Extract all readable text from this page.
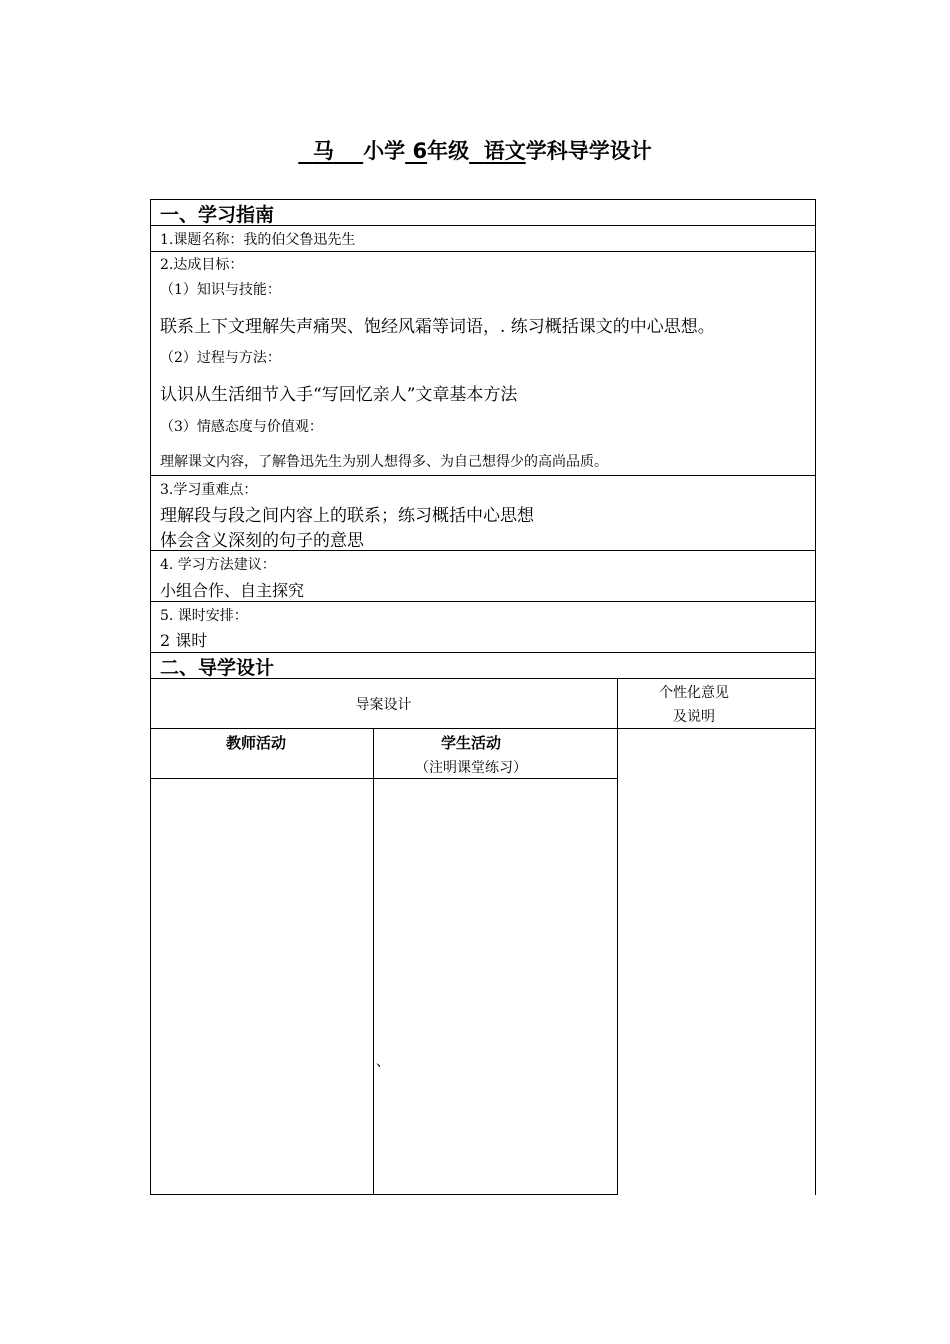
马 小学 6年级 语文学科导学设计
一、学习指南
1.课题名称：我的伯父鲁迅先生
2.达成目标：
（1）知识与技能：
联系上下文理解失声痛哭、饱经风霜等词语，. 练习概括课文的中心思想。
（2）过程与方法：
认识从生活细节入手“写回忆亲人”文章基本方法
（3）情感态度与价值观：
理解课文内容，了解鲁迅先生为别人想得多、为自己想得少的高尚品质。
3.学习重难点：
理解段与段之间内容上的联系；练习概括中心思想
体会含义深刻的句子的意思
4. 学习方法建议：
小组合作、自主探究
5. 课时安排：
2 课时
二、导学设计
导案设计
个性化意见
及说明
教师活动	学生活动
（注明课堂练习）
、
